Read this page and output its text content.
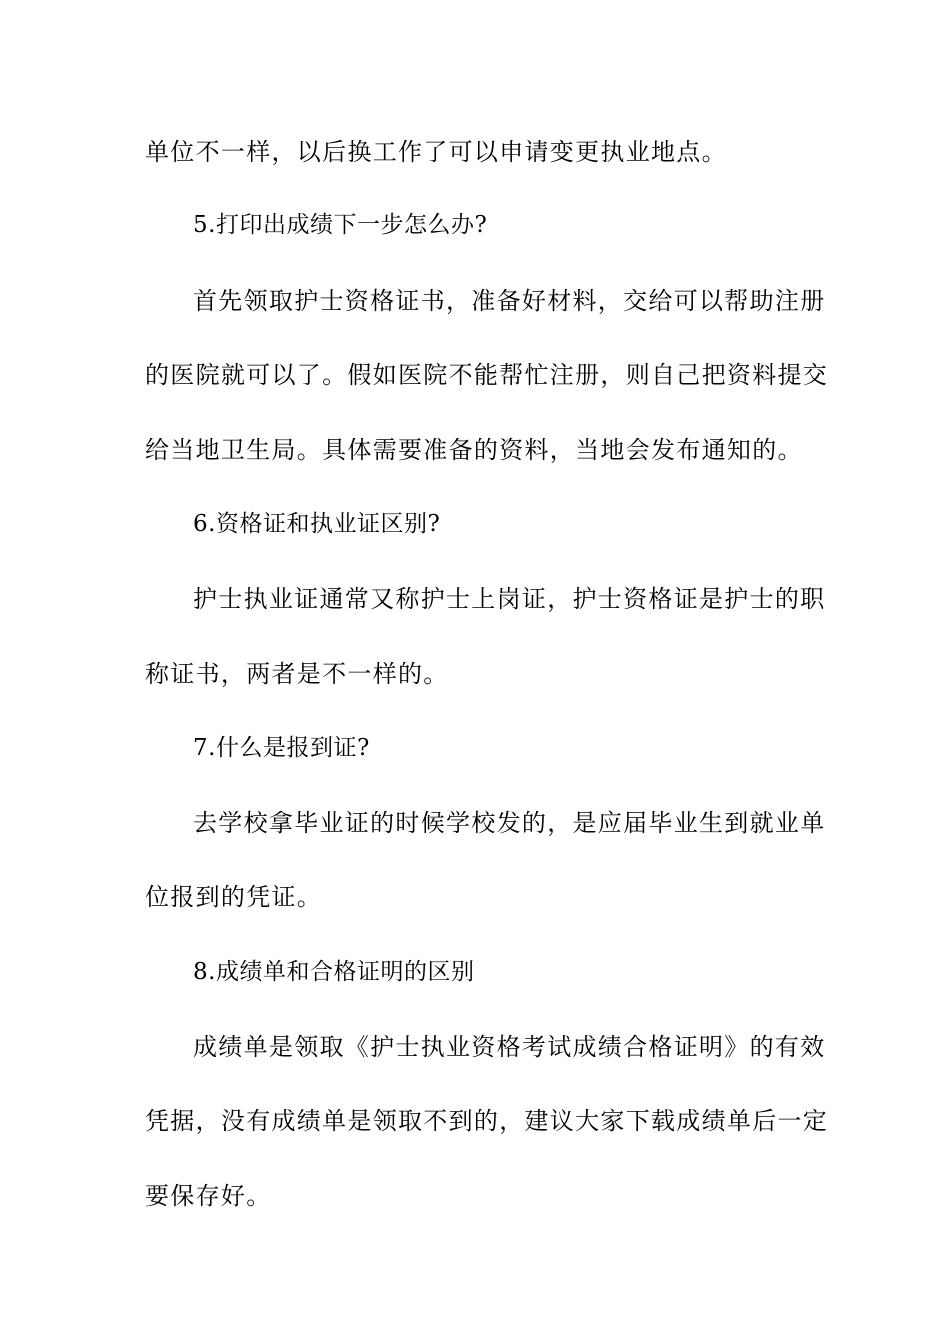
单位不一样，以后换工作了可以申请变更执业地点。
5.打印出成绩下一步怎么办?
首先领取护士资格证书，准备好材料，交给可以帮助注册
的医院就可以了。假如医院不能帮忙注册，则自己把资料提交
给当地卫生局。具体需要准备的资料，当地会发布通知的。
6.资格证和执业证区别?
护士执业证通常又称护士上岗证，护士资格证是护士的职
称证书，两者是不一样的。
7.什么是报到证?
去学校拿毕业证的时候学校发的，是应届毕业生到就业单
位报到的凭证。
8.成绩单和合格证明的区别
成绩单是领取《护士执业资格考试成绩合格证明》的有效
凭据，没有成绩单是领取不到的，建议大家下载成绩单后一定
要保存好。
